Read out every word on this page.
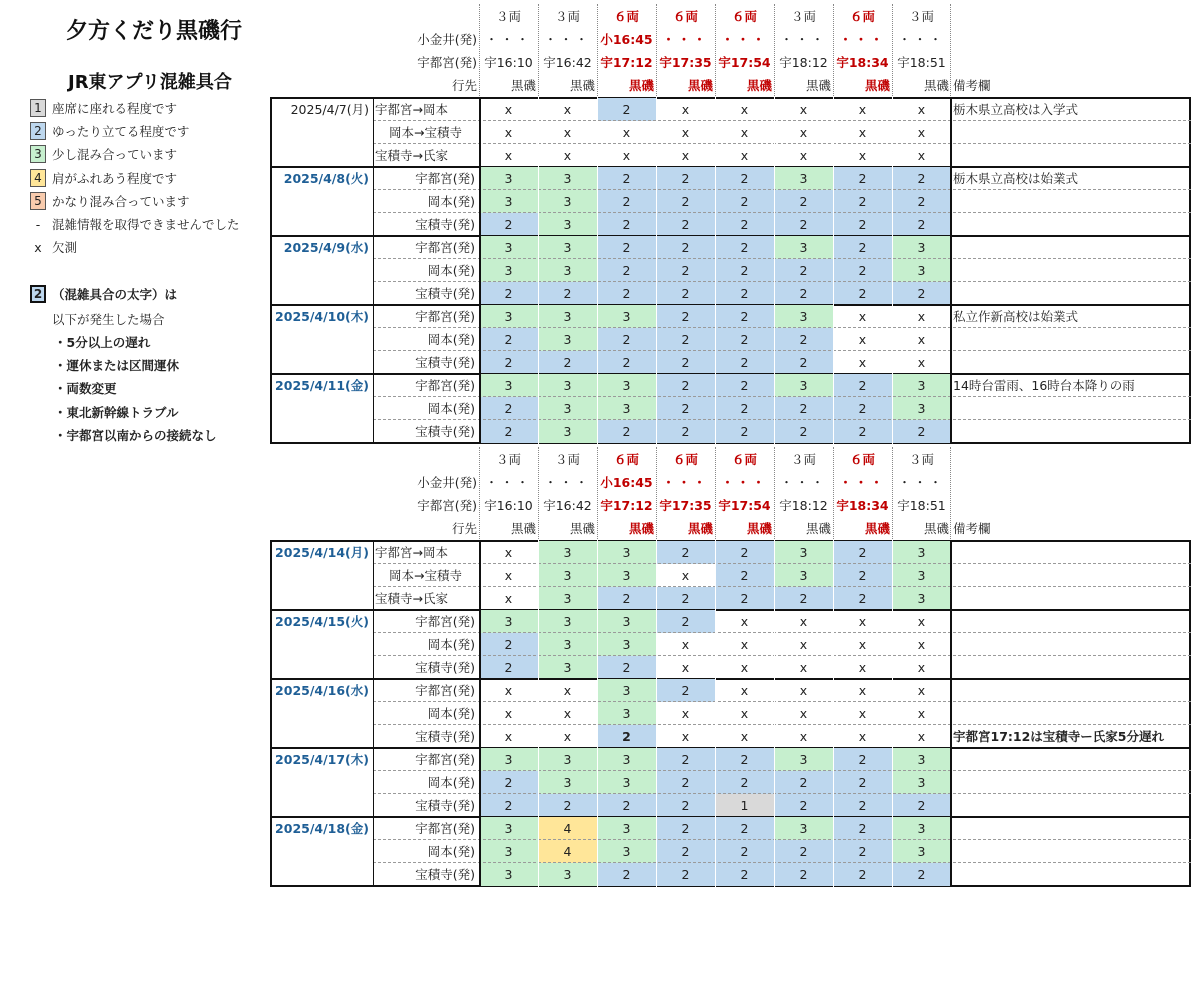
夕方くだり黒磯行
JR東アプリ混雑具合
1 座席に座れる程度です
2 ゆったり立てる程度です
3 少し混み合っています
4 肩がふれあう程度です
5 かなり混み合っています
- 混雑情報を取得できませんでした
x 欠測
2 （混雑具合の太字）は
以下が発生した場合
・5分以上の遅れ
・運休または区間運休
・両数変更
・東北新幹線トラブル
・宇都宮以南からの接続なし
３両	３両	６両	６両	６両	３両	６両	３両
小金井(発) ・・・ ・・・ 小16:45 ・・・ ・・・ ・・・ ・・・ ・・・
宇都宮(発) 宇16:10 宇16:42 宇17:12 宇17:35 宇17:54 宇18:12 宇18:34 宇18:51
行先	黒磯	黒磯	黒磯	黒磯	黒磯	黒磯	黒磯	黒磯 備考欄
2025/4/7(月) 宇都宮→岡本	x	x	2	x	x	x	x	x	栃木県立高校は入学式
岡本→宝積寺	x	x	x	x	x	x	x	x
宝積寺→氏家	x	x	x	x	x	x	x	x
2025/4/8(火)	宇都宮(発)	3	3	2	2	2	3	2	2	栃木県立高校は始業式
岡本(発)	3	3	2	2	2	2	2	2
宝積寺(発)	2	3	2	2	2	2	2	2
2025/4/9(水)	宇都宮(発)	3	3	2	2	2	3	2	3
岡本(発)	3	3	2	2	2	2	2	3
宝積寺(発)	2	2	2	2	2	2	2	2
2025/4/10(木)	宇都宮(発)	3	3	3	2	2	3	x	x	私立作新高校は始業式
岡本(発)	2	3	2	2	2	2	x	x
宝積寺(発)	2	2	2	2	2	2	x	x
2025/4/11(金)	宇都宮(発)	3	3	3	2	2	3	2	3	14時台雷雨、16時台本降りの雨
岡本(発)	2	3	3	2	2	2	2	3
宝積寺(発)	2	3	2	2	2	2	2	2
３両	３両	６両	６両	６両	３両	６両	３両
小金井(発) ・・・ ・・・ 小16:45 ・・・ ・・・ ・・・ ・・・ ・・・
宇都宮(発) 宇16:10 宇16:42 宇17:12 宇17:35 宇17:54 宇18:12 宇18:34 宇18:51
行先	黒磯	黒磯	黒磯	黒磯	黒磯	黒磯	黒磯	黒磯 備考欄
2025/4/14(月) 宇都宮→岡本	x	3	3	2	2	3	2	3
岡本→宝積寺	x	3	3	x	2	3	2	3
宝積寺→氏家	x	3	2	2	2	2	2	3
2025/4/15(火)	宇都宮(発)	3	3	3	2	x	x	x	x
岡本(発)	2	3	3	x	x	x	x	x
宝積寺(発)	2	3	2	x	x	x	x	x
2025/4/16(水)	宇都宮(発)	x	x	3	2	x	x	x	x
岡本(発)	x	x	3	x	x	x	x	x
宝積寺(発)	x	x	2	x	x	x	x	x	宇都宮17:12は宝積寺ー氏家5分遅れ
2025/4/17(木)	宇都宮(発)	3	3	3	2	2	3	2	3
岡本(発)	2	3	3	2	2	2	2	3
宝積寺(発)	2	2	2	2	1	2	2	2
2025/4/18(金)	宇都宮(発)	3	4	3	2	2	3	2	3
岡本(発)	3	4	3	2	2	2	2	3
宝積寺(発)	3	3	2	2	2	2	2	2
